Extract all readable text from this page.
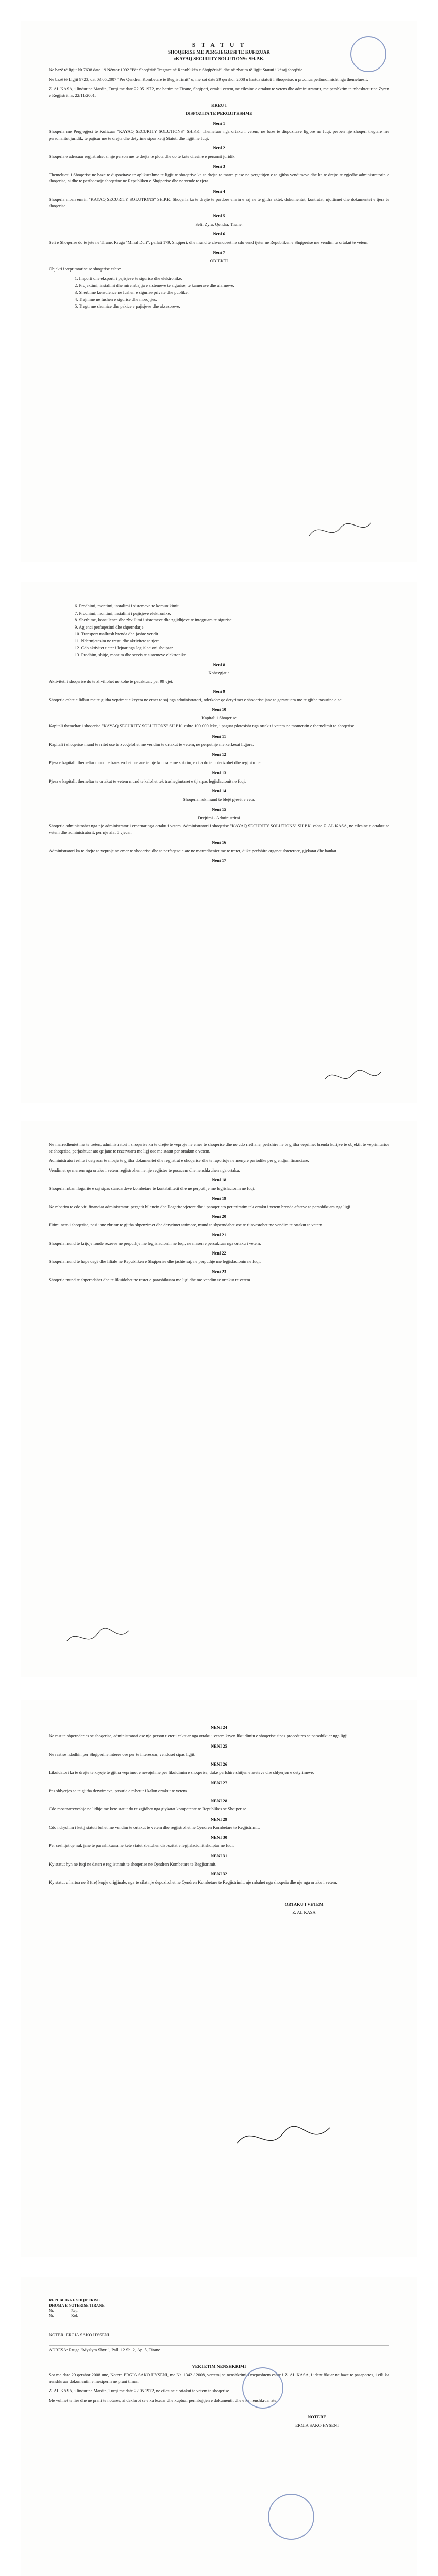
S T A T U T
SHOQERISE ME PERGJEGJESI TE KUFIZUAR
«KAYAQ SECURITY SOLUTIONS» SH.P.K.
Ne bazë të ligjit Nr.7638 date 19 Nëntor 1992 "Për Shoqëritë Tregtare në Republikën e Shqipërisë" dhe në zbatim të ligjit Statuti i kësaj shoqërie.
Ne bazë të Ligjit 9723, dat 03.05.2007 "Per Qendren Kombetare te Regjistrimit" u, me sot date 29 qershor 2008 u hartua statuti i Shoqerise, u prodhua perfundimisht nga themeluesit:
Z. AL KASA, i lindur ne Mardin, Turqi me date 22.05.1972, me banim ne Tirane, Shqiperi, ortak i vetem, ne cilesine e ortakut te vetem dhe administratorit, me pershkrim te mbeshtetur ne Zyren e Regjistrit nr. 22/11/2001.
KREU I
DISPOZITA TE PERGJITHSHME
Neni 1
Shoqeria me Pergjegjesi te Kufizuar "KAYAQ SECURITY SOLUTIONS" SH.P.K. Themeluar nga ortaku i vetem, ne baze te dispozitave ligjore ne fuqi, perben nje shoqeri tregtare me personalitet juridik, te pajisur me te drejta dhe detyrime sipas ketij Statuti dhe ligjit ne fuqi.
Neni 2
Shoqeria e adresuar regjistrohet si nje person me te drejta te plota dhe do te kete cilesine e personit juridik.
Neni 3
Themeluesi i Shoqerise ne baze te dispozitave te aplikueshme te ligjit te shoqerive ka te drejte te marre pjese ne pergatitjen e te gjitha vendimeve dhe ka te drejte te zgjedhe administratorin e shoqerise, si dhe te perfaqesoje shoqerine ne Republiken e Shqiperise dhe ne vende te tjera.
Neni 4
Shoqeria mban emrin "KAYAQ SECURITY SOLUTIONS" SH.P.K. Shoqeria ka te drejte te perdore emrin e saj ne te gjitha aktet, dokumentet, kontratat, njoftimet dhe dokumentet e tjera te shoqerise.
Neni 5
Seli: Zyra: Qendra, Tirane.
Neni 6
Seli e Shoqerise do te jete ne Tirane, Rruga "Mihal Duri", pallati 179, Shqiperi, dhe mund te zhvendoset ne cdo vend tjeter ne Republiken e Shqiperise me vendim te ortakut te vetem.
Neni 7
OBJEKTI
Objekti i veprimtarise se shoqerise eshte:
1. Importi dhe eksporti i pajisjeve te sigurise dhe elektronike.
2. Projektimi, instalimi dhe mirembajtja e sistemeve te sigurise, te kamerave dhe alarmeve.
3. Sherbime konsulence ne fushen e sigurise private dhe publike.
4. Trajnime ne fushen e sigurise dhe mbrojtjes.
5. Tregti me shumice dhe pakice e pajisjeve dhe aksesoreve.
6. Prodhimi, montimi, instalimi i sistemeve te komunikimit.
7. Prodhimi, montimi, instalimi i pajisjeve elektronike.
8. Sherbime, konsulence dhe zhvillimi i sistemeve dhe zgjidhjeve te integruara te sigurise.
9. Agjenci perfaqesimi dhe shperndarje.
10. Transport mallrash brenda dhe jashte vendit.
11. Ndermjetesim ne tregti dhe aktivitete te tjera.
12. Cdo aktivitet tjeter i lejuar nga legjislacioni shqiptar.
13. Prodhim, shitje, montim dhe servis te sistemeve elektronike.
Neni 8
Kohezgjatja
Aktiviteti i shoqerise do te zhvillohet ne kohe te pacaktuar, per 99 vjet.
Neni 9
Shoqeria eshte e lidhur me te gjitha veprimet e kryera ne emer te saj nga administratori, nderkohe qe detyrimet e shoqerise jane te garantuara me te gjithe pasurine e saj.
Neni 10
Kapitali i Shoqerise
Kapitali themeltar i shoqerise "KAYAQ SECURITY SOLUTIONS" SH.P.K. eshte 100.000 leke, i paguar plotesisht nga ortaku i vetem ne momentin e themelimit te shoqerise.
Neni 11
Kapitali i shoqerise mund te rritet ose te zvogelohet me vendim te ortakut te vetem, ne perputhje me kerkesat ligjore.
Neni 12
Pjesa e kapitalit themeltar mund te transferohet me ane te nje kontrate me shkrim, e cila do te noterizohet dhe regjistrohet.
Neni 13
Pjesa e kapitalit themeltar te ortakut te vetem mund te kalohet tek trashegimtaret e tij sipas legjislacionit ne fuqi.
Neni 14
Shoqeria nuk mund te blejë pjesët e veta.
Neni 15
Drejtimi - Administrimi
Shoqeria administrohet nga nje administrator i emeruar nga ortaku i vetem. Administratori i shoqerise "KAYAQ SECURITY SOLUTIONS" SH.P.K. eshte Z. AL KASA, ne cilesine e ortakut te vetem dhe administratorit, per nje afat 5 vjecar.
Neni 16
Administratori ka te drejte te veproje ne emer te shoqerise dhe te perfaqesoje ate ne marredheniet me te tretet, duke perfshire organet shteterore, gjykatat dhe bankat.
Neni 17
Ne marredheniet me te treten, administratori i shoqerise ka te drejte te veproje ne emer te shoqerise dhe ne cdo rrethane, perfshire ne te gjitha veprimet brenda kufijve te objektit te veprimtarise se shoqerise, perjashtuar ato qe jane te rezervuara me ligj ose me statut per ortakun e vetem.
Administratori eshte i detyruar te mbaje te gjitha dokumentet dhe regjistrat e shoqerise dhe te raportoje ne menyre periodike per gjendjen financiare.
Vendimet qe merren nga ortaku i vetem regjistrohen ne nje regjister te posacem dhe nenshkruhen nga ortaku.
Neni 18
Shoqeria mban llogarite e saj sipas standardeve kombetare te kontabilitetit dhe ne perputhje me legjislacionin ne fuqi.
Neni 19
Ne mbarim te cdo viti financiar administratori pergatit bilancin dhe llogarite vjetore dhe i paraqet ato per miratim tek ortaku i vetem brenda afateve te parashikuara nga ligji.
Neni 20
Fitimi neto i shoqerise, pasi jane zbritur te gjitha shpenzimet dhe detyrimet tatimore, mund te shperndahet ose te riinvestohet me vendim te ortakut te vetem.
Neni 21
Shoqeria mund te krijoje fonde rezerve ne perputhje me legjislacionin ne fuqi, ne masen e percaktuar nga ortaku i vetem.
Neni 22
Shoqeria mund te hape degë dhe filiale ne Republiken e Shqiperise dhe jashte saj, ne perputhje me legjislacionin ne fuqi.
Neni 23
Shoqeria mund te shperndahet dhe te likuidohet ne rastet e parashikuara me ligj dhe me vendim te ortakut te vetem.
NENI 24
Ne rast te shperndarjes se shoqerise, administratori ose nje person tjeter i caktuar nga ortaku i vetem kryen likuidimin e shoqerise sipas procedures se parashikuar nga ligji.
NENI 25
Ne rast se ndodhin per Shqiperine interes ose per te interesuar, vendoset sipas ligjit.
NENI 26
Likuidatori ka te drejte te kryeje te gjitha veprimet e nevojshme per likuidimin e shoqerise, duke perfshire shitjen e aseteve dhe shlyerjen e detyrimeve.
NENI 27
Pas shlyerjes se te gjitha detyrimeve, pasuria e mbetur i kalon ortakut te vetem.
NENI 28
Cdo mosmarreveshje ne lidhje me kete statut do te zgjidhet nga gjykatat kompetente te Republikes se Shqiperise.
NENI 29
Cdo ndryshim i ketij statuti behet me vendim te ortakut te vetem dhe regjistrohet ne Qendren Kombetare te Regjistrimit.
NENI 30
Per ceshtjet qe nuk jane te parashikuara ne kete statut zbatohen dispozitat e legjislacionit shqiptar ne fuqi.
NENI 31
Ky statut hyn ne fuqi ne daten e regjistrimit te shoqerise ne Qendren Kombetare te Regjistrimit.
NENI 32
Ky statut u hartua ne 3 (tre) kopje origjinale, nga te cilat nje depozitohet ne Qendren Kombetare te Regjistrimit, nje mbahet nga shoqeria dhe nje nga ortaku i vetem.
ORTAKU I VETEM
Z. AL KASA
REPUBLIKA E SHQIPERISE
DHOMA E NOTERISE TIRANE
Nr. ________ Rep.
Nr. ________ Kol.
NOTER: ERGIA SAKO HYSENI
ADRESA: Rruga "Myslym Shyri", Pall. 12 Sh. 2, Ap. 5, Tirane
VERTETIM NENSHKRIMI
Sot me date 29 qershor 2008 une, Notere ERGIA SAKO HYSENI, me Nr. 1342 / 2008, vertetoj se nenshkrimi i meposhtem eshte i Z. AL KASA, i identifikuar ne baze te pasaportes, i cili ka nenshkruar dokumentin e mesiperm ne prani timen.
Z. AL KASA, i lindur ne Mardin, Turqi me date 22.05.1972, ne cilesine e ortakut te vetem te shoqerise.
Me vullnet te lire dhe ne prani te notares, ai deklaroi se e ka lexuar dhe kuptuar permbajtjen e dokumentit dhe e ka nenshkruar ate.
NOTERE
ERGIA SAKO HYSENI
